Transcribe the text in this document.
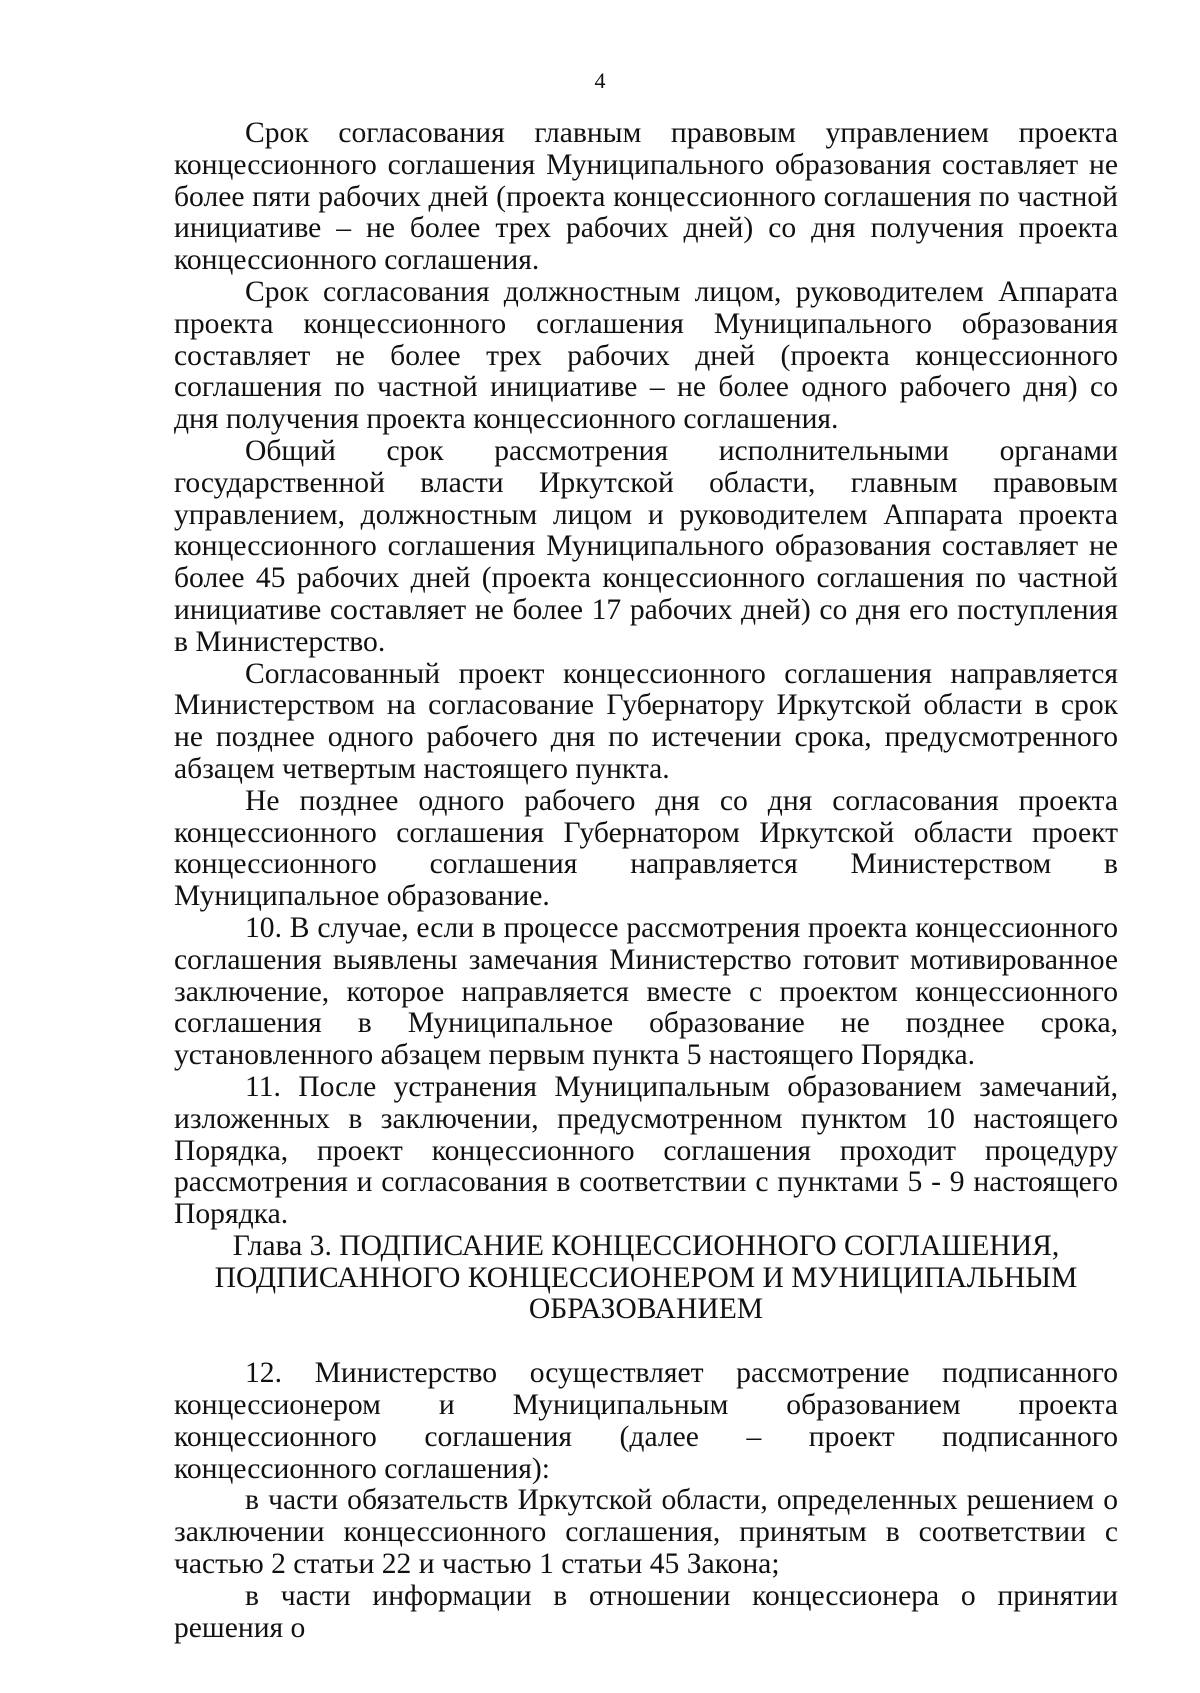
4

Срок согласования главным правовым управлением проекта концессионного соглашения Муниципального образования составляет не более пяти рабочих дней (проекта концессионного соглашения по частной инициативе – не более трех рабочих дней) со дня получения проекта концессионного соглашения.

Срок согласования должностным лицом, руководителем Аппарата проекта концессионного соглашения Муниципального образования составляет не более трех рабочих дней (проекта концессионного соглашения по частной инициативе – не более одного рабочего дня) со дня получения проекта концессионного соглашения.

Общий срок рассмотрения исполнительными органами государственной власти Иркутской области, главным правовым управлением, должностным лицом и руководителем Аппарата проекта концессионного соглашения Муниципального образования составляет не более 45 рабочих дней (проекта концессионного соглашения по частной инициативе составляет не более 17 рабочих дней) со дня его поступления в Министерство.

Согласованный проект концессионного соглашения направляется Министерством на согласование Губернатору Иркутской области в срок не позднее одного рабочего дня по истечении срока, предусмотренного абзацем четвертым настоящего пункта.

Не позднее одного рабочего дня со дня согласования проекта концессионного соглашения Губернатором Иркутской области проект концессионного соглашения направляется Министерством в Муниципальное образование.

10. В случае, если в процессе рассмотрения проекта концессионного соглашения выявлены замечания Министерство готовит мотивированное заключение, которое направляется вместе с проектом концессионного соглашения в Муниципальное образование не позднее срока, установленного абзацем первым пункта 5 настоящего Порядка.

11. После устранения Муниципальным образованием замечаний, изложенных в заключении, предусмотренном пунктом 10 настоящего Порядка, проект концессионного соглашения проходит процедуру рассмотрения и согласования в соответствии с пунктами 5 - 9 настоящего Порядка.

Глава 3. ПОДПИСАНИЕ КОНЦЕССИОННОГО СОГЛАШЕНИЯ,
ПОДПИСАННОГО КОНЦЕССИОНЕРОМ И МУНИЦИПАЛЬНЫМ
ОБРАЗОВАНИЕМ

12. Министерство осуществляет рассмотрение подписанного концессионером и Муниципальным образованием проекта концессионного соглашения (далее – проект подписанного концессионного соглашения):

в части обязательств Иркутской области, определенных решением о заключении концессионного соглашения, принятым в соответствии с частью 2 статьи 22 и частью 1 статьи 45 Закона;

в части информации в отношении концессионера о принятии решения о
